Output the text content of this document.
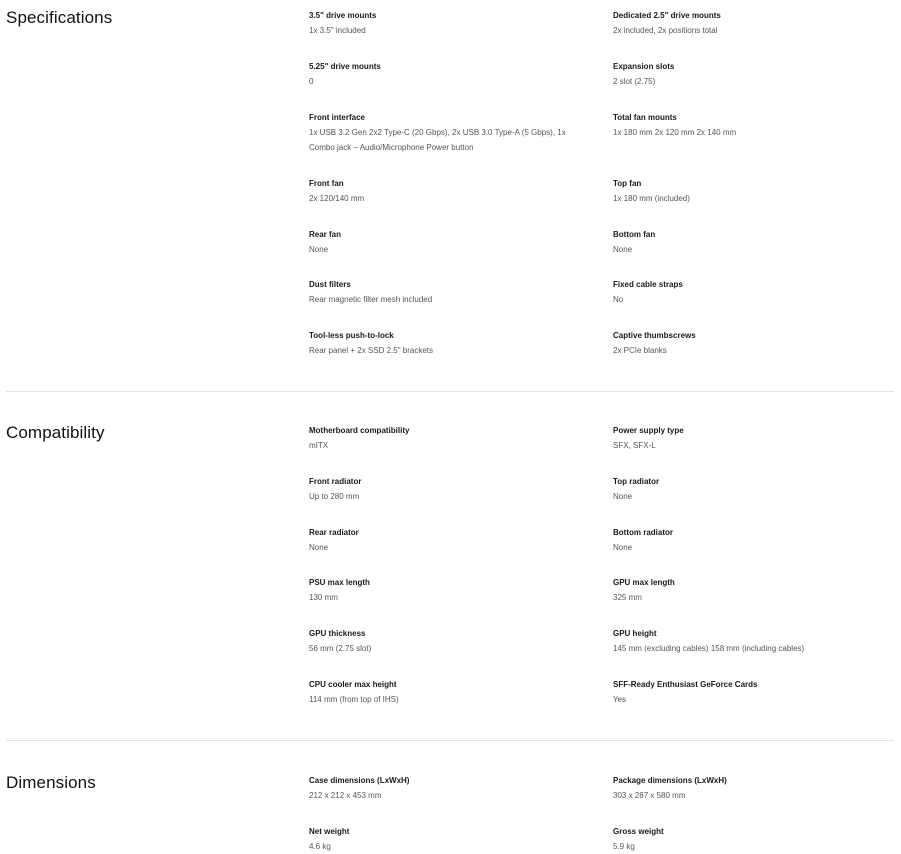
Specifications	3.5" drive mounts
1x 3.5" included
Dedicated 2.5" drive mounts
2x included, 2x positions total
5.25" drive mounts
0
Expansion slots
2 slot (2.75)
Front interface
1x USB 3.2 Gen 2x2 Type-C (20 Gbps), 2x USB 3.0 Type-A (5 Gbps), 1x Combo jack – Audio/Microphone Power button
Total fan mounts
1x 180 mm 2x 120 mm 2x 140 mm
Front fan
2x 120/140 mm
Top fan
1x 180 mm (included)
Rear fan
None
Bottom fan
None
Dust filters
Rear magnetic filter mesh included
Fixed cable straps
No
Tool-less push-to-lock
Rear panel + 2x SSD 2.5" brackets
Captive thumbscrews
2x PCIe blanks
Compatibility	Motherboard compatibility
mITX
Power supply type
SFX, SFX-L
Front radiator
Up to 280 mm
Top radiator
None
Rear radiator
None
Bottom radiator
None
PSU max length
130 mm
GPU max length
325 mm
GPU thickness
56 mm (2.75 slot)
GPU height
145 mm (excluding cables) 158 mm (including cables)
CPU cooler max height
114 mm (from top of IHS)
SFF-Ready Enthusiast GeForce Cards
Yes
Dimensions	Case dimensions (LxWxH)
212 x 212 x 453 mm
Package dimensions (LxWxH)
303 x 287 x 580 mm
Net weight
4.6 kg
Gross weight
5.9 kg
